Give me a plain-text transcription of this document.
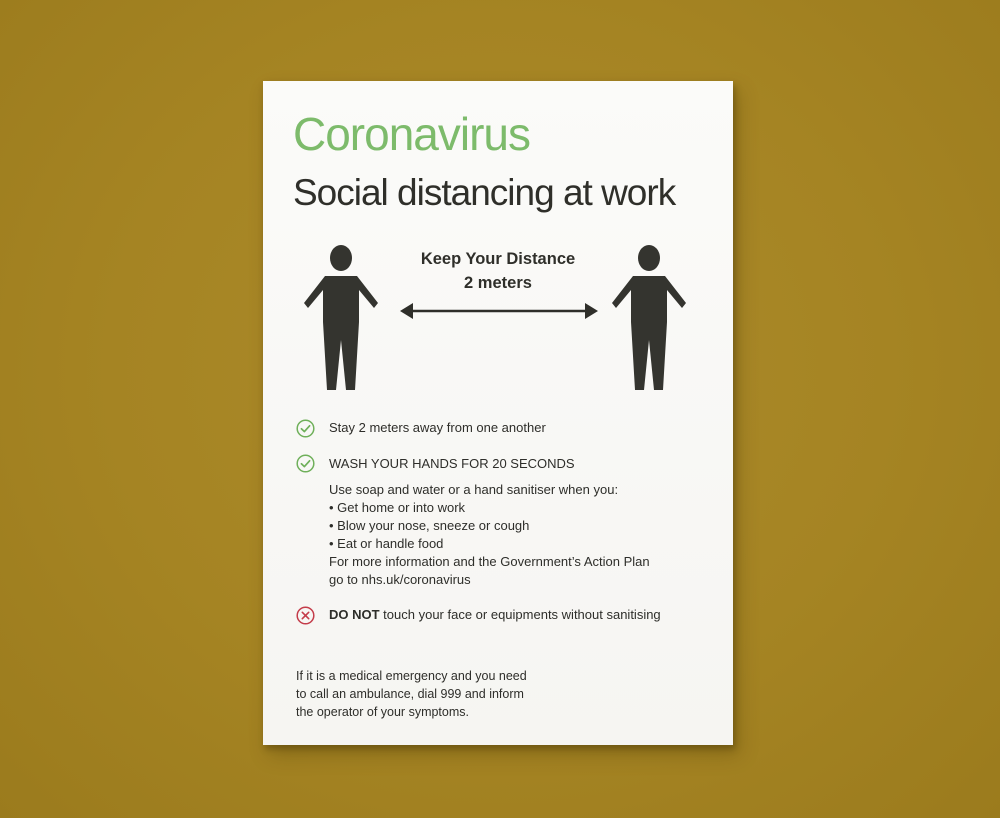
Coronavirus
Social distancing at work
Keep Your Distance
2 meters
Stay 2 meters away from one another
WASH YOUR HANDS FOR 20 SECONDS
Use soap and water or a hand sanitiser when you:
• Get home or into work
• Blow your nose, sneeze or cough
• Eat or handle food
For more information and the Government’s Action Plan
go to nhs.uk/coronavirus
DO NOT touch your face or equipments without sanitising
If it is a medical emergency and you need
to call an ambulance, dial 999 and inform
the operator of your symptoms.
